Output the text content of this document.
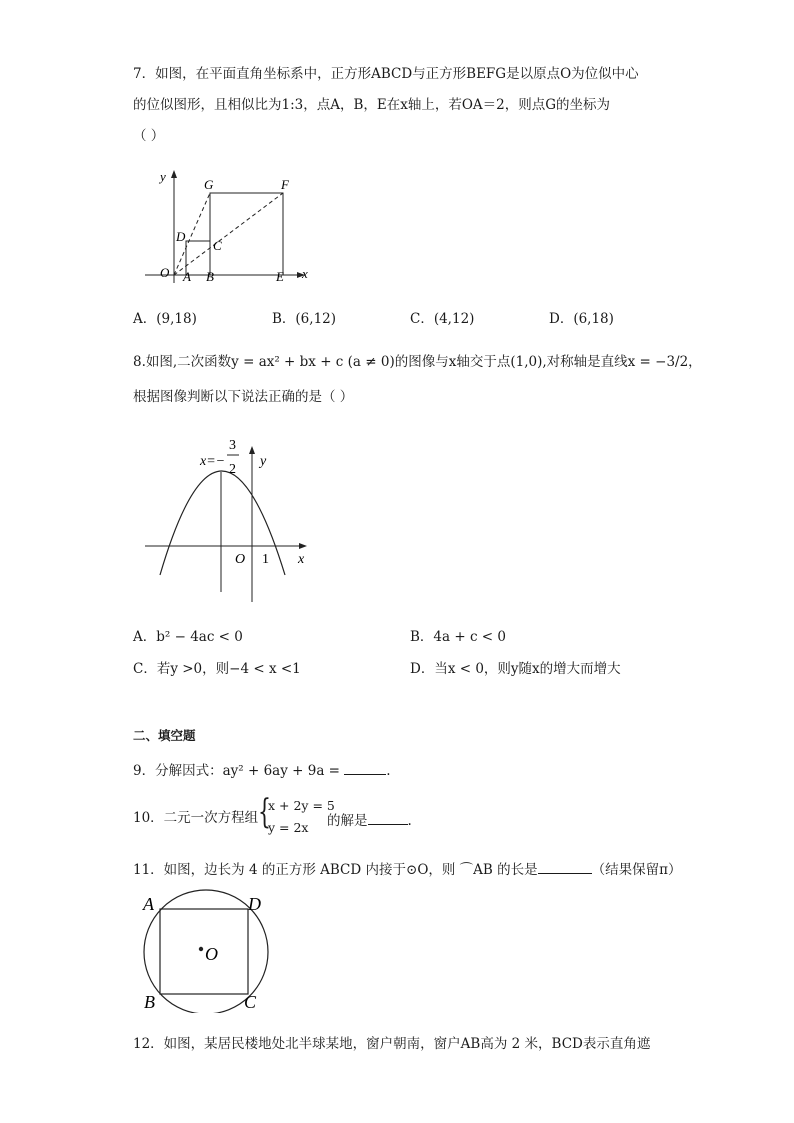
7．如图，在平面直角坐标系中，正方形ABCD与正方形BEFG是以原点O为位似中心
的位似图形，且相似比为1:3，点A，B，E在x轴上，若OA＝2，则点G的坐标为
（ ）
y
G	F
D
C
O A B	E x
A．(9,18)	B．(6,12)	C．(4,12)	D．(6,18)
8.如图,二次函数y = ax² + bx + c (a ≠ 0)的图像与x轴交于点(1,0),对称轴是直线x = −3/2，
根据图像判断以下说法正确的是（ ）
x=−
3
2
y
O 1 x
A．b² − 4ac < 0	B．4a + c < 0
C．若y >0，则−4 < x <1	D．当x < 0，则y随x的增大而增大
二、填空题
9．分解因式：ay² + 6ay + 9a =	.
10．二元一次方程组 {
x + 2y = 5
y = 2x 的解是	.
11．如图，边长为 4 的正方形 ABCD 内接于⊙O，则 ⌒AB 的长是	（结果保留π）
A	D
O
B	C
12．如图，某居民楼地处北半球某地，窗户朝南，窗户AB高为 2 米，BCD表示直角遮
